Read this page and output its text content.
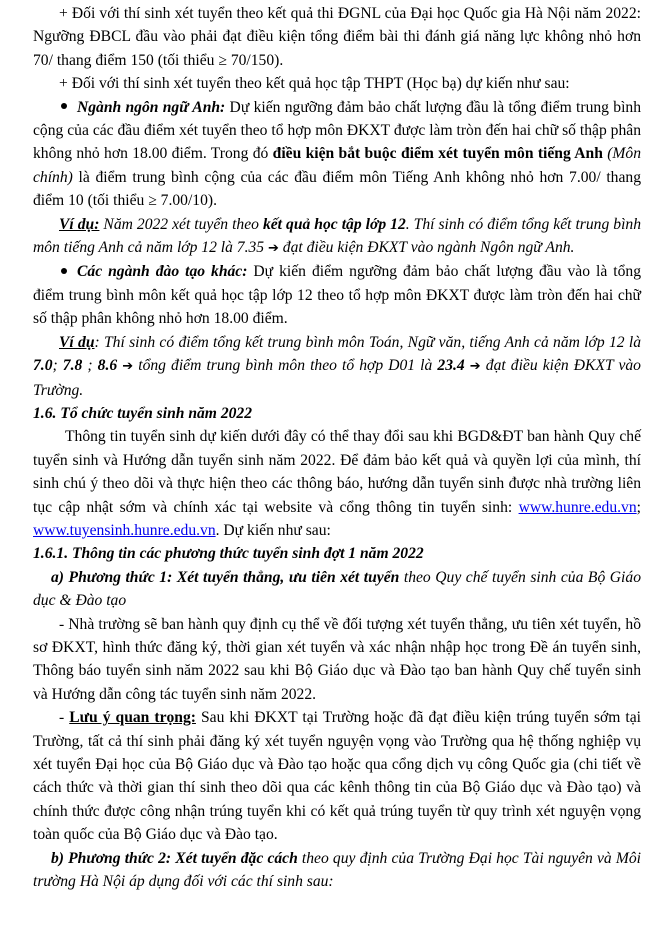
+ Đối với thí sinh xét tuyển theo kết quả thi ĐGNL của Đại học Quốc gia Hà Nội năm 2022: Ngưỡng ĐBCL đầu vào phải đạt điều kiện tổng điểm bài thi đánh giá năng lực không nhỏ hơn 70/ thang điểm 150 (tối thiểu ≥ 70/150).

+ Đối với thí sinh xét tuyển theo kết quả học tập THPT (Học bạ) dự kiến như sau:

Ngành ngôn ngữ Anh: Dự kiến ngưỡng đảm bảo chất lượng đầu là tổng điểm trung bình cộng của các đầu điểm xét tuyển theo tổ hợp môn ĐKXT được làm tròn đến hai chữ số thập phân không nhỏ hơn 18.00 điểm. Trong đó điều kiện bắt buộc điểm xét tuyển môn tiếng Anh (Môn chính) là điểm trung bình cộng của các đầu điểm môn Tiếng Anh không nhỏ hơn 7.00/ thang điểm 10 (tối thiểu ≥ 7.00/10).

Ví dụ: Năm 2022 xét tuyển theo kết quả học tập lớp 12. Thí sinh có điểm tổng kết trung bình môn tiếng Anh cả năm lớp 12 là 7.35 ➔ đạt điều kiện ĐKXT vào ngành Ngôn ngữ Anh.

Các ngành đào tạo khác: Dự kiến điểm ngưỡng đảm bảo chất lượng đầu vào là tổng điểm trung bình môn kết quả học tập lớp 12 theo tổ hợp môn ĐKXT được làm tròn đến hai chữ số thập phân không nhỏ hơn 18.00 điểm.

Ví dụ: Thí sinh có điểm tổng kết trung bình môn Toán, Ngữ văn, tiếng Anh cả năm lớp 12 là 7.0; 7.8 ; 8.6 ➔ tổng điểm trung bình môn theo tổ hợp D01 là 23.4 ➔ đạt điều kiện ĐKXT vào Trường.

1.6. Tổ chức tuyển sinh năm 2022

Thông tin tuyển sinh dự kiến dưới đây có thể thay đổi sau khi BGD&ĐT ban hành Quy chế tuyển sinh và Hướng dẫn tuyển sinh năm 2022. Để đảm bảo kết quả và quyền lợi của mình, thí sinh chú ý theo dõi và thực hiện theo các thông báo, hướng dẫn tuyển sinh được nhà trường liên tục cập nhật sớm và chính xác tại website và cổng thông tin tuyển sinh: www.hunre.edu.vn; www.tuyensinh.hunre.edu.vn. Dự kiến như sau:

1.6.1. Thông tin các phương thức tuyển sinh đợt 1 năm 2022

a) Phương thức 1: Xét tuyển thẳng, ưu tiên xét tuyển theo Quy chế tuyển sinh của Bộ Giáo dục & Đào tạo

- Nhà trường sẽ ban hành quy định cụ thể về đối tượng xét tuyển thẳng, ưu tiên xét tuyển, hồ sơ ĐKXT, hình thức đăng ký, thời gian xét tuyển và xác nhận nhập học trong Đề án tuyển sinh, Thông báo tuyển sinh năm 2022 sau khi Bộ Giáo dục và Đào tạo ban hành Quy chế tuyển sinh và Hướng dẫn công tác tuyển sinh năm 2022.

- Lưu ý quan trọng: Sau khi ĐKXT tại Trường hoặc đã đạt điều kiện trúng tuyển sớm tại Trường, tất cả thí sinh phải đăng ký xét tuyển nguyện vọng vào Trường qua hệ thống nghiệp vụ xét tuyển Đại học của Bộ Giáo dục và Đào tạo hoặc qua cổng dịch vụ công Quốc gia (chi tiết về cách thức và thời gian thí sinh theo dõi qua các kênh thông tin của Bộ Giáo dục và Đào tạo) và chính thức được công nhận trúng tuyển khi có kết quả trúng tuyển từ quy trình xét nguyện vọng toàn quốc của Bộ Giáo dục và Đào tạo.

b) Phương thức 2: Xét tuyển đặc cách theo quy định của Trường Đại học Tài nguyên và Môi trường Hà Nội áp dụng đối với các thí sinh sau:
